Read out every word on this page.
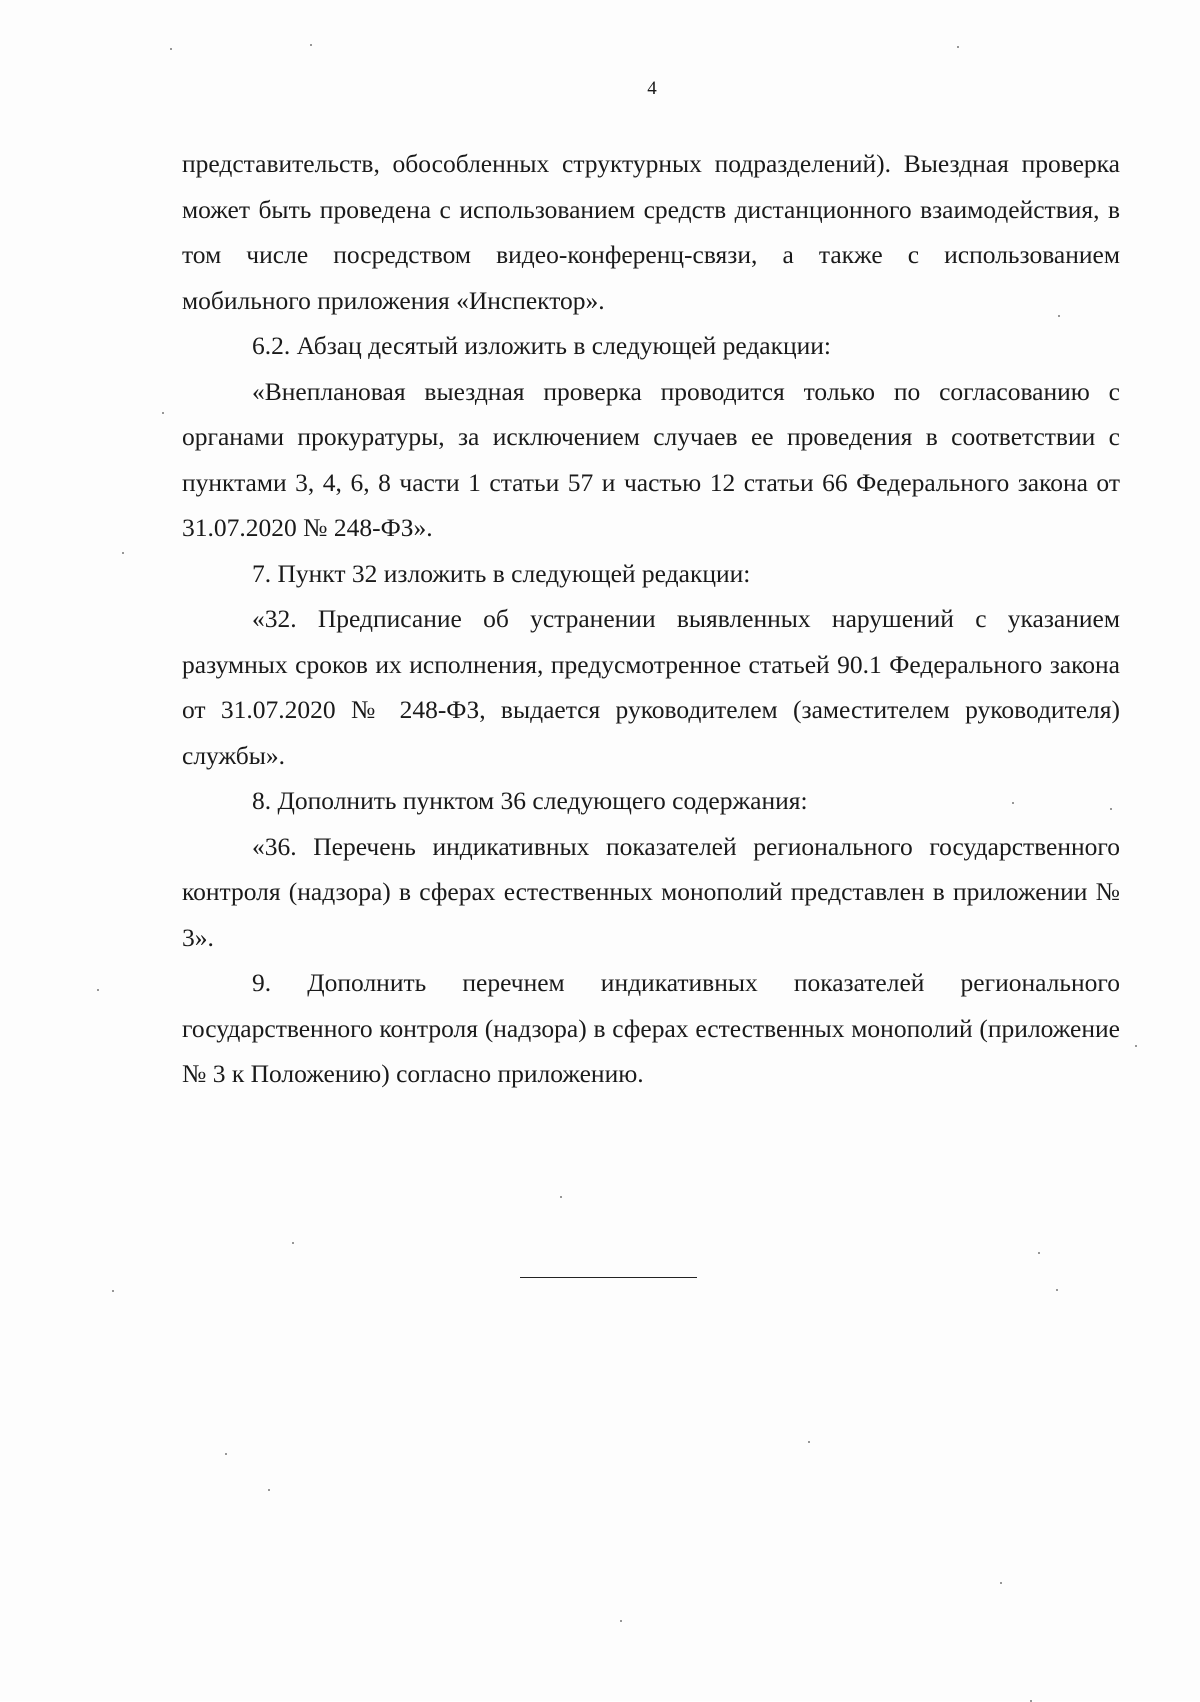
4

представительств, обособленных структурных подразделений). Выездная проверка может быть проведена с использованием средств дистанционного взаимодействия, в том числе посредством видео-конференц-связи, а также с использованием мобильного приложения «Инспектор».

6.2. Абзац десятый изложить в следующей редакции:

«Внеплановая выездная проверка проводится только по согласованию с органами прокуратуры, за исключением случаев ее проведения в соответствии с пунктами 3, 4, 6, 8 части 1 статьи 57 и частью 12 статьи 66 Федерального закона от 31.07.2020 № 248-ФЗ».

7. Пункт 32 изложить в следующей редакции:

«32. Предписание об устранении выявленных нарушений с указанием разумных сроков их исполнения, предусмотренное статьей 90.1 Федерального закона от 31.07.2020 № 248-ФЗ, выдается руководителем (заместителем руководителя) службы».

8. Дополнить пунктом 36 следующего содержания:

«36. Перечень индикативных показателей регионального государственного контроля (надзора) в сферах естественных монополий представлен в приложении № 3».

9. Дополнить перечнем индикативных показателей регионального государственного контроля (надзора) в сферах естественных монополий (приложение № 3 к Положению) согласно приложению.
